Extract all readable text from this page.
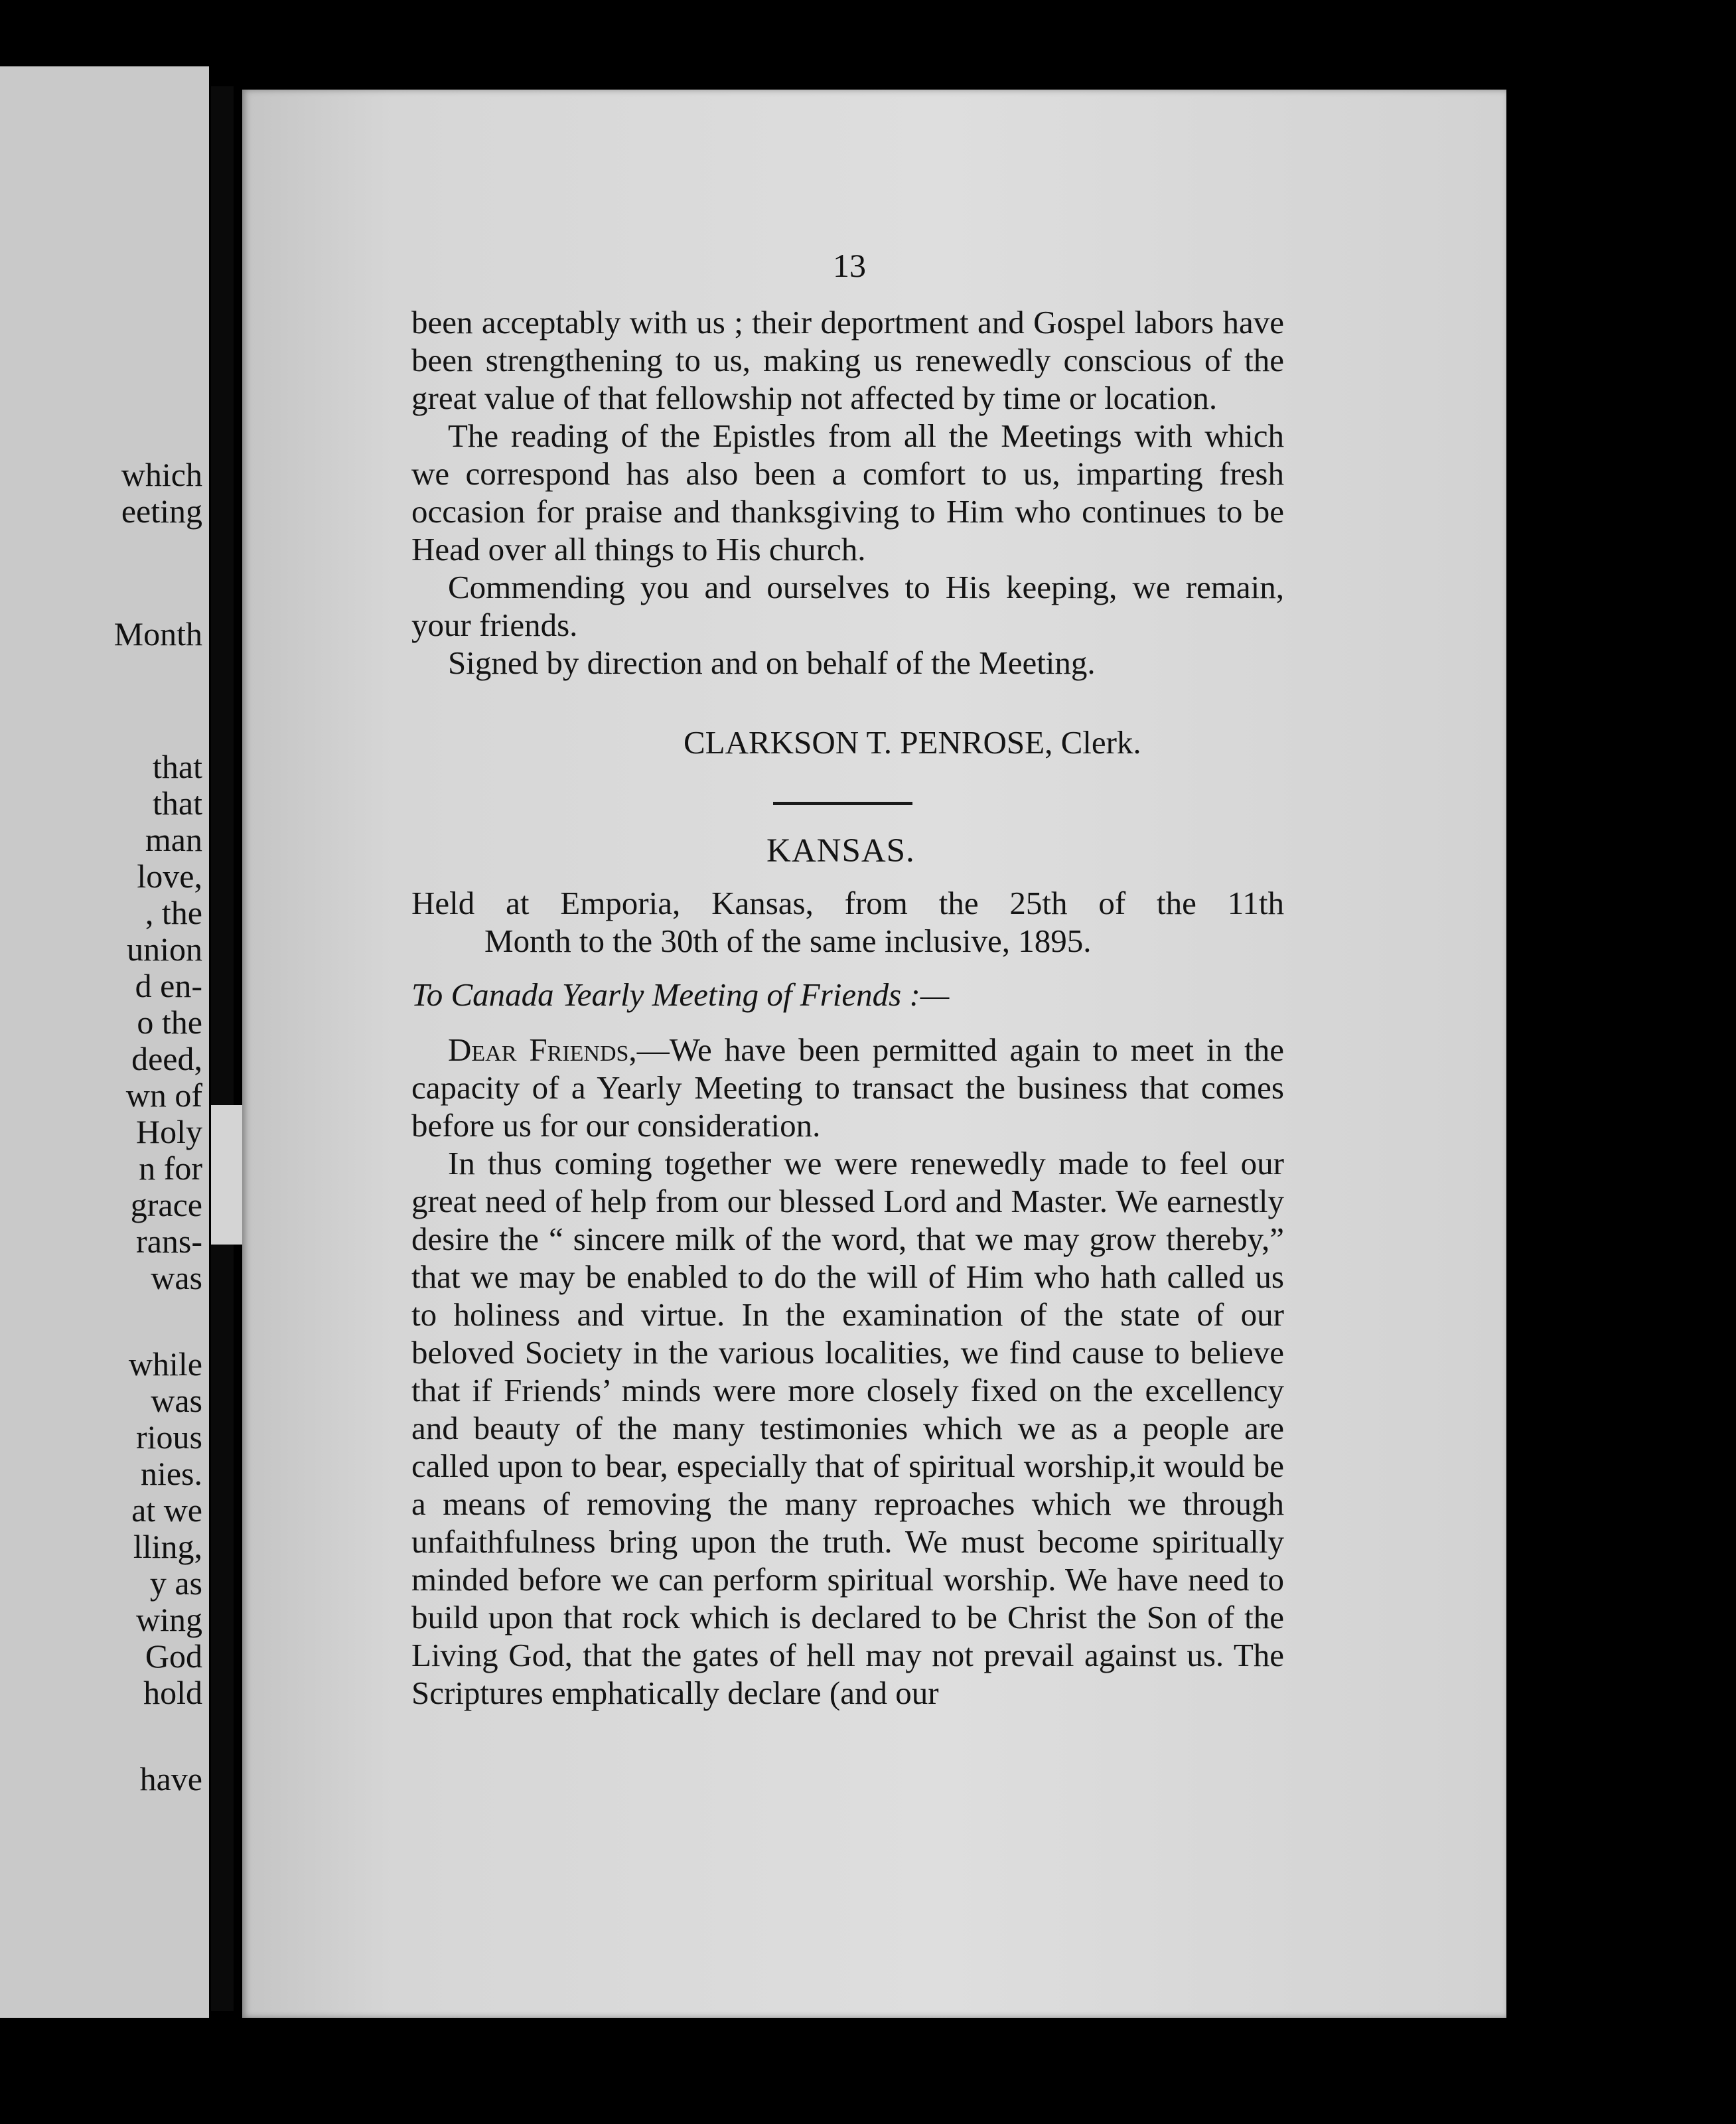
which
eeting
Month
that
that
man
love,
, the
union
d en-
o the
deed,
wn of
Holy
n for
grace
rans-
was
while
was
rious
nies.
at we
lling,
y as
wing
God
hold
have
13

been acceptably with us ; their deportment and Gospel labors have been strengthening to us, making us renewedly conscious of the great value of that fellowship not affected by time or location.

The reading of the Epistles from all the Meetings with which we correspond has also been a comfort to us, imparting fresh occasion for praise and thanksgiving to Him who continues to be Head over all things to His church.

Commending you and ourselves to His keeping, we remain, your friends.

Signed by direction and on behalf of the Meeting.

CLARKSON T. PENROSE, Clerk.
KANSAS.
Held at Emporia, Kansas, from the 25th of the 11th
Month to the 30th of the same inclusive, 1895.
To Canada Yearly Meeting of Friends :—

Dear Friends,—We have been permitted again to meet in the capacity of a Yearly Meeting to transact the business that comes before us for our consideration.

In thus coming together we were renewedly made to feel our great need of help from our blessed Lord and Master. We earnestly desire the “ sincere milk of the word, that we may grow thereby,” that we may be enabled to do the will of Him who hath called us to holiness and virtue. In the examination of the state of our beloved Society in the various localities, we find cause to believe that if Friends’ minds were more closely fixed on the excellency and beauty of the many testimonies which we as a people are called upon to bear, especially that of spiritual worship,it would be a means of removing the many reproaches which we through unfaithfulness bring upon the truth. We must become spiritually minded before we can perform spiritual worship. We have need to build upon that rock which is declared to be Christ the Son of the Living God, that the gates of hell may not prevail against us. The Scriptures emphatically declare (and our
